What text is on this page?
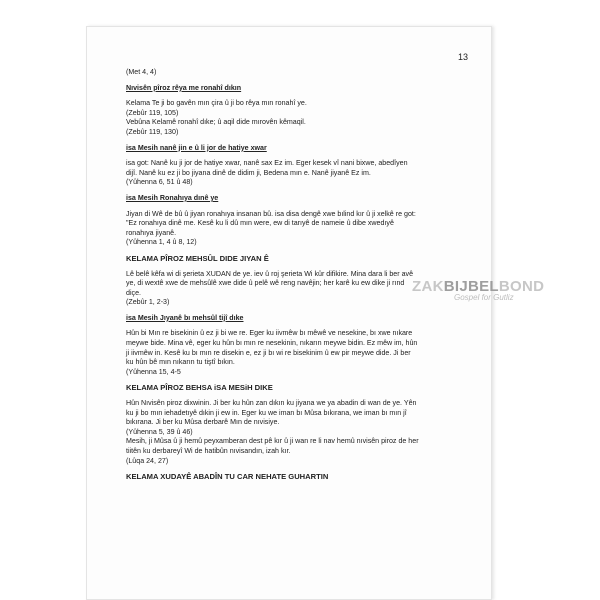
13

(Met 4, 4)

Nıvisên pîroz rêya me ronahî dıkın

Kelama Te ji bo gavên mın çira û ji bo rêya mın ronahî ye.

(Zebûr 119, 105)

Vebûna Kelamê ronahî dıke; û aqil dide mırovên kêmaqil.

(Zebûr 119, 130)

isa Mesih nanê jin e û li jor de hatiye xwar

isa got: Nanê ku ji jor de hatiye xwar, nanê sax Ez im. Eger kesek vî nani bixwe, abedîyen

dijî. Nanê ku ez ji bo jiyana dinê de didim ji, Bedena mın e. Nanê jiyanê Ez im.

(Yûhenna 6, 51 û 48)

isa Mesih Ronahıya dınê ye

Jiyan di Wê de bû û jiyan ronahıya insanan bû. isa disa dengê xwe bılind kır û ji xelkê re got:

"Ez ronahıya dinê me. Kesê ku li dû mın were, ew di tarıyê de nameie û dibe xwedıyê

ronahıya jiyanê.

(Yûhenna 1, 4 û 8, 12)

KELAMA PÎROZ MEHSÛL DIDE JIYAN Ê

Lê belê kêfa wi di şerieta XUDAN de ye. iev û roj şerieta Wi kûr difikire. Mina dara li ber avê

ye, di wextê xwe de mehsûlê xwe dide û pelê wê reng navêjin; her karê ku ew dike ji rınd

diçe.

(Zebûr 1, 2-3)

isa Mesih Jıyanê bı mehsûl tijî dıke

Hûn bi Mın re bisekinin û ez ji bi we re. Eger ku iivmêw bı mêwê ve nesekine, bı xwe nıkare

meywe bide. Mina vê, eger ku hûn bı mın re nesekinin, nıkarın meywe bidin. Ez mêw im, hûn

ji iivmêw in. Kesê ku bı mın re disekin e, ez ji bı wi re bisekinim û ew pir meywe dide. Ji ber

ku hûn bê mın nıkarın tu tiştî bıkın.

(Yûhenna 15, 4-5

KELAMA PÎROZ BEHSA iSA MESiH DIKE

Hûn Nıvisên piroz dixwinin. Ji ber ku hûn zan dıkın ku jiyana we ya abadin di wan de ye. Yên

ku ji bo mın iehadetıyê dıkin ji ew in. Eger ku we iman bı Mûsa bıkırana, we iman bı mın jî

bıkırana. Ji ber ku Mûsa derbarê Mın de nıvisiye.

(Yûhenna 5, 39 û 46)

Mesih, ji Mûsa û ji hemû peyxamberan dest pê kır û ji wan re li nav hemû nıvisên piroz de her

tiitên ku derbareyî Wi de hatibûn nıvisandın, izah kır.

(Lûqa 24, 27)

KELAMA XUDAYÊ ABADÎN TU CAR NEHATE GUHARTIN

ZAKBIJBELBOND
Gospel for Gutliz
